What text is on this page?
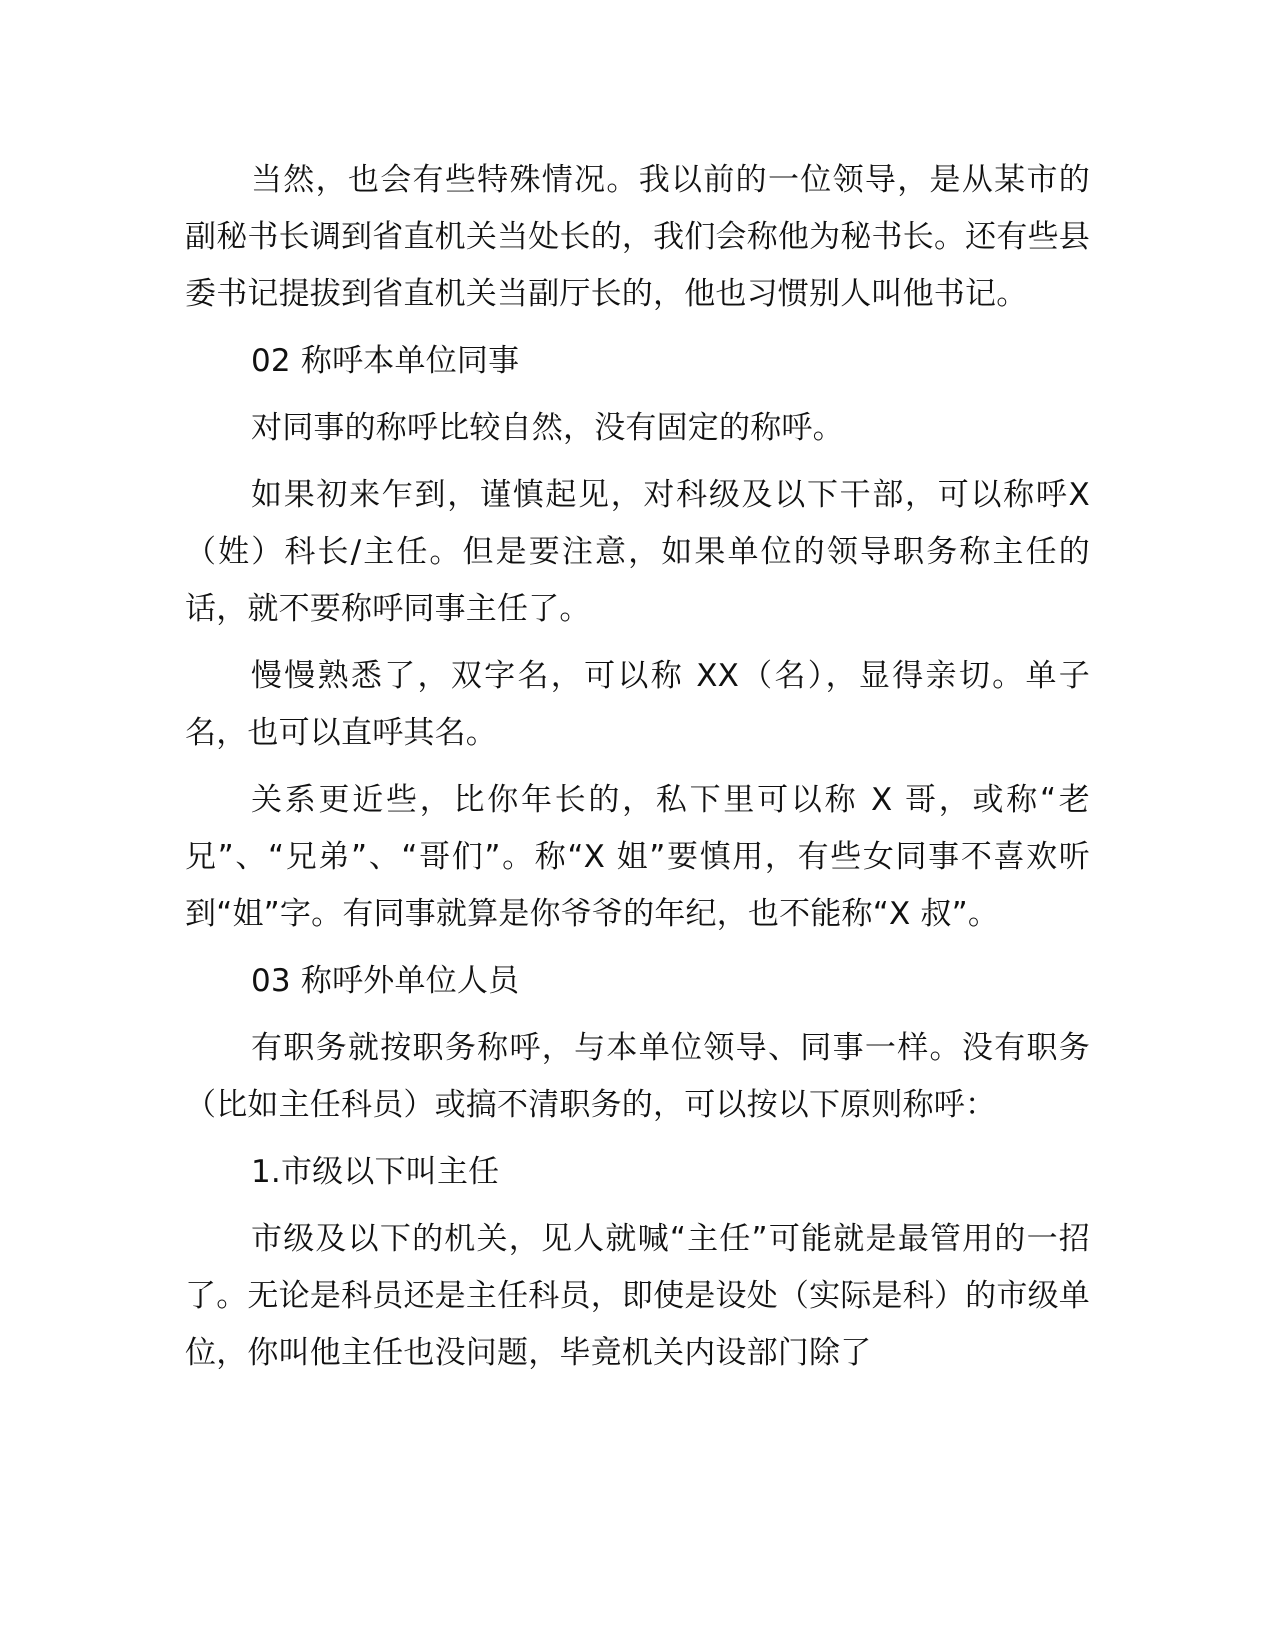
当然，也会有些特殊情况。我以前的一位领导，是从某市的副秘书长调到省直机关当处长的，我们会称他为秘书长。还有些县委书记提拔到省直机关当副厅长的，他也习惯别人叫他书记。

02 称呼本单位同事

对同事的称呼比较自然，没有固定的称呼。

如果初来乍到，谨慎起见，对科级及以下干部，可以称呼X（姓）科长/主任。但是要注意，如果单位的领导职务称主任的话，就不要称呼同事主任了。

慢慢熟悉了，双字名，可以称 XX（名），显得亲切。单子名，也可以直呼其名。

关系更近些，比你年长的，私下里可以称 X 哥，或称“老兄”、“兄弟”、“哥们”。称“X 姐”要慎用，有些女同事不喜欢听到“姐”字。有同事就算是你爷爷的年纪，也不能称“X 叔”。

03 称呼外单位人员

有职务就按职务称呼，与本单位领导、同事一样。没有职务（比如主任科员）或搞不清职务的，可以按以下原则称呼：

1.市级以下叫主任

市级及以下的机关，见人就喊“主任”可能就是最管用的一招了。无论是科员还是主任科员，即使是设处（实际是科）的市级单位，你叫他主任也没问题，毕竟机关内设部门除了
